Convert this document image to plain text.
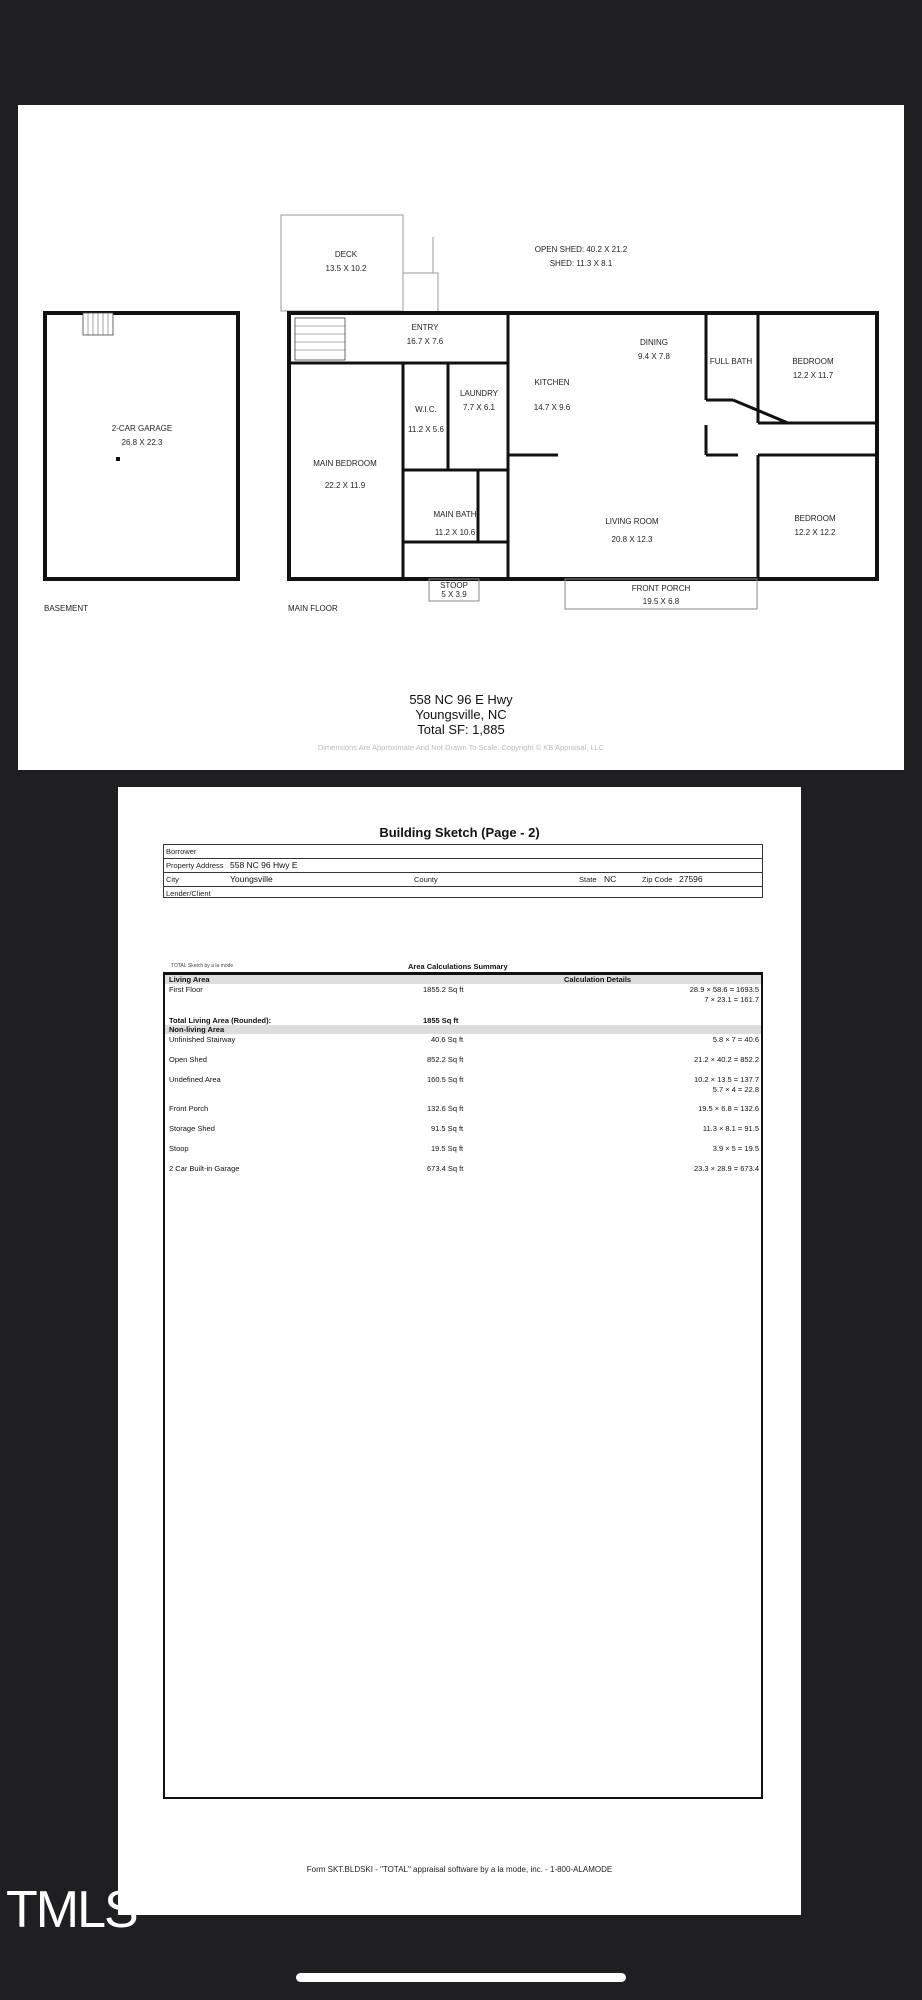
DECK
13.5 X 10.2
OPEN SHED: 40.2 X 21.2
SHED: 11.3 X 8.1
2-CAR GARAGE
26.8 X 22.3
ENTRY
16.7 X 7.6	DINING
9.4 X 7.8
FULL BATH	BEDROOM
12.2 X 11.7
KITCHEN
14.7 X 9.6
LAUNDRY
7.7 X 6.1
W.I.C.
11.2 X 5.6
MAIN BEDROOM
22.2 X 11.9
MAIN BATH
11.2 X 10.6
LIVING ROOM
20.8 X 12.3
BEDROOM
12.2 X 12.2
STOOP
5 X 3.9
FRONT PORCH
19.5 X 6.8
BASEMENT	MAIN FLOOR
558 NC 96 E Hwy
Youngsville, NC
Total SF: 1,885
Dimensions Are Approximate And Not Drawn To Scale. Copyright © KB Appraisal, LLC
Building Sketch (Page - 2)
Borrower
Property Address 558 NC 96 Hwy E
City	Youngsville	County	State NC	Zip Code 27596
Lender/Client
TOTAL Sketch by a la mode	Area Calculations Summary
Living Area	Calculation Details
First Floor	1855.2 Sq ft	28.9 × 58.6 = 1693.5
7 × 23.1 = 161.7
Total Living Area (Rounded):	1855 Sq ft
Non-living Area
Unfinished Stairway	40.6 Sq ft	5.8 × 7 = 40.6
Open Shed	852.2 Sq ft	21.2 × 40.2 = 852.2
Undefined Area	160.5 Sq ft	10.2 × 13.5 = 137.7
5.7 × 4 = 22.8
Front Porch	132.6 Sq ft	19.5 × 6.8 = 132.6
Storage Shed	91.5 Sq ft	11.3 × 8.1 = 91.5
Stoop	19.5 Sq ft	3.9 × 5 = 19.5
2 Car Built-in Garage	673.4 Sq ft	23.3 × 28.9 = 673.4
Form SKT.BLDSKI - "TOTAL" appraisal software by a la mode, inc. - 1-800-ALAMODE
TMLS
